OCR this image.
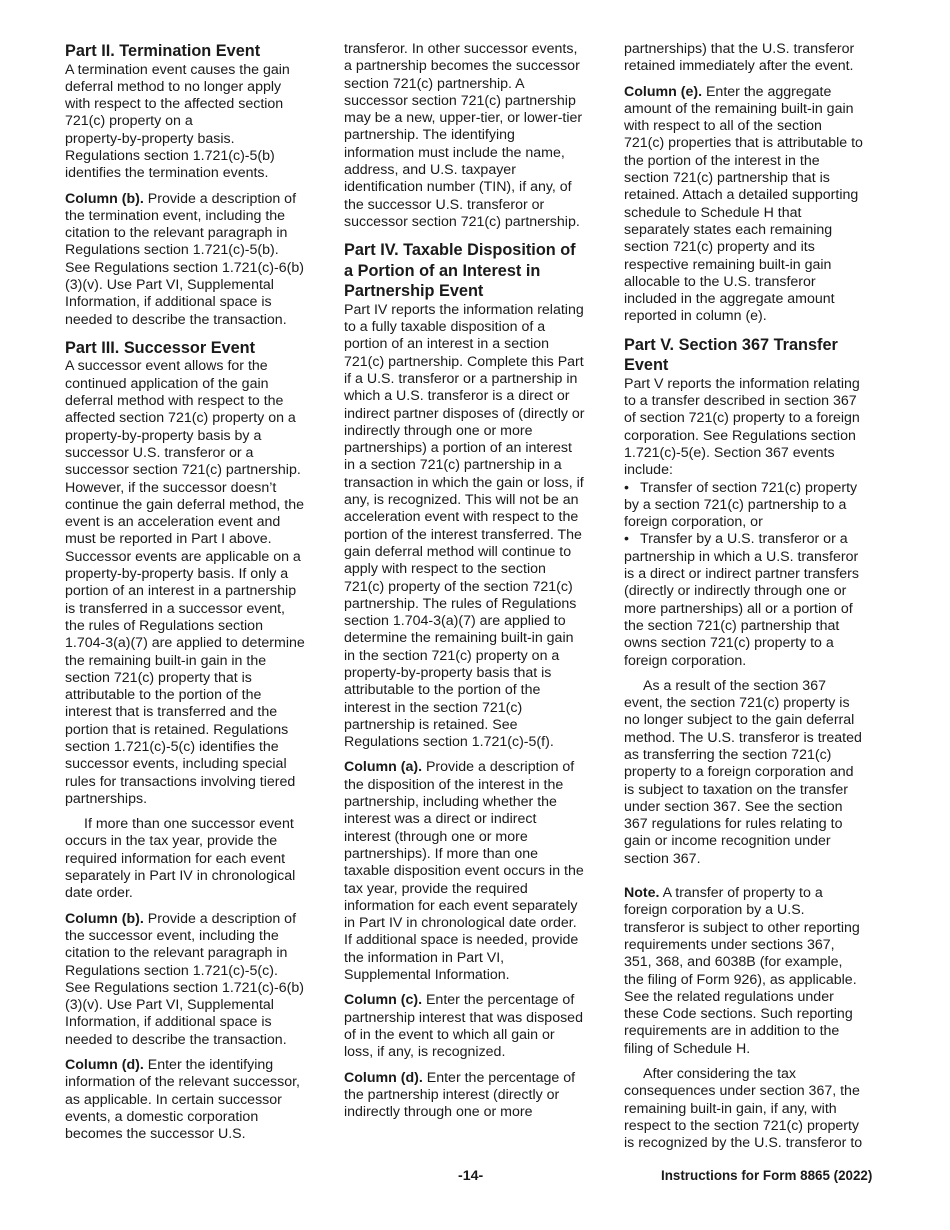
Part II. Termination Event
A termination event causes the gain
deferral method to no longer apply
with respect to the affected section
721(c) property on a
property-by-property basis.
Regulations section 1.721(c)-5(b)
identifies the termination events.
Column (b). Provide a description of
the termination event, including the
citation to the relevant paragraph in
Regulations section 1.721(c)-5(b).
See Regulations section 1.721(c)-6(b)
(3)(v). Use Part VI, Supplemental
Information, if additional space is
needed to describe the transaction.
Part III. Successor Event
A successor event allows for the
continued application of the gain
deferral method with respect to the
affected section 721(c) property on a
property-by-property basis by a
successor U.S. transferor or a
successor section 721(c) partnership.
However, if the successor doesn’t
continue the gain deferral method, the
event is an acceleration event and
must be reported in Part I above.
Successor events are applicable on a
property-by-property basis. If only a
portion of an interest in a partnership
is transferred in a successor event,
the rules of Regulations section
1.704-3(a)(7) are applied to determine
the remaining built-in gain in the
section 721(c) property that is
attributable to the portion of the
interest that is transferred and the
portion that is retained. Regulations
section 1.721(c)-5(c) identifies the
successor events, including special
rules for transactions involving tiered
partnerships.
If more than one successor event
occurs in the tax year, provide the
required information for each event
separately in Part IV in chronological
date order.
Column (b). Provide a description of
the successor event, including the
citation to the relevant paragraph in
Regulations section 1.721(c)-5(c).
See Regulations section 1.721(c)-6(b)
(3)(v). Use Part VI, Supplemental
Information, if additional space is
needed to describe the transaction.
Column (d). Enter the identifying
information of the relevant successor,
as applicable. In certain successor
events, a domestic corporation
becomes the successor U.S.
transferor. In other successor events,
a partnership becomes the successor
section 721(c) partnership. A
successor section 721(c) partnership
may be a new, upper-tier, or lower-tier
partnership. The identifying
information must include the name,
address, and U.S. taxpayer
identification number (TIN), if any, of
the successor U.S. transferor or
successor section 721(c) partnership.
Part IV. Taxable Disposition of
a Portion of an Interest in
Partnership Event
Part IV reports the information relating
to a fully taxable disposition of a
portion of an interest in a section
721(c) partnership. Complete this Part
if a U.S. transferor or a partnership in
which a U.S. transferor is a direct or
indirect partner disposes of (directly or
indirectly through one or more
partnerships) a portion of an interest
in a section 721(c) partnership in a
transaction in which the gain or loss, if
any, is recognized. This will not be an
acceleration event with respect to the
portion of the interest transferred. The
gain deferral method will continue to
apply with respect to the section
721(c) property of the section 721(c)
partnership. The rules of Regulations
section 1.704-3(a)(7) are applied to
determine the remaining built-in gain
in the section 721(c) property on a
property-by-property basis that is
attributable to the portion of the
interest in the section 721(c)
partnership is retained. See
Regulations section 1.721(c)-5(f).
Column (a). Provide a description of
the disposition of the interest in the
partnership, including whether the
interest was a direct or indirect
interest (through one or more
partnerships). If more than one
taxable disposition event occurs in the
tax year, provide the required
information for each event separately
in Part IV in chronological date order.
If additional space is needed, provide
the information in Part VI,
Supplemental Information.
Column (c). Enter the percentage of
partnership interest that was disposed
of in the event to which all gain or
loss, if any, is recognized.
Column (d). Enter the percentage of
the partnership interest (directly or
indirectly through one or more
partnerships) that the U.S. transferor
retained immediately after the event.
Column (e). Enter the aggregate
amount of the remaining built-in gain
with respect to all of the section
721(c) properties that is attributable to
the portion of the interest in the
section 721(c) partnership that is
retained. Attach a detailed supporting
schedule to Schedule H that
separately states each remaining
section 721(c) property and its
respective remaining built-in gain
allocable to the U.S. transferor
included in the aggregate amount
reported in column (e).
Part V. Section 367 Transfer
Event
Part V reports the information relating
to a transfer described in section 367
of section 721(c) property to a foreign
corporation. See Regulations section
1.721(c)-5(e). Section 367 events
include:
• Transfer of section 721(c) property
by a section 721(c) partnership to a
foreign corporation, or
• Transfer by a U.S. transferor or a
partnership in which a U.S. transferor
is a direct or indirect partner transfers
(directly or indirectly through one or
more partnerships) all or a portion of
the section 721(c) partnership that
owns section 721(c) property to a
foreign corporation.
As a result of the section 367
event, the section 721(c) property is
no longer subject to the gain deferral
method. The U.S. transferor is treated
as transferring the section 721(c)
property to a foreign corporation and
is subject to taxation on the transfer
under section 367. See the section
367 regulations for rules relating to
gain or income recognition under
section 367.
Note. A transfer of property to a
foreign corporation by a U.S.
transferor is subject to other reporting
requirements under sections 367,
351, 368, and 6038B (for example,
the filing of Form 926), as applicable.
See the related regulations under
these Code sections. Such reporting
requirements are in addition to the
filing of Schedule H.
After considering the tax
consequences under section 367, the
remaining built-in gain, if any, with
respect to the section 721(c) property
is recognized by the U.S. transferor to
-14-	Instructions for Form 8865 (2022)
